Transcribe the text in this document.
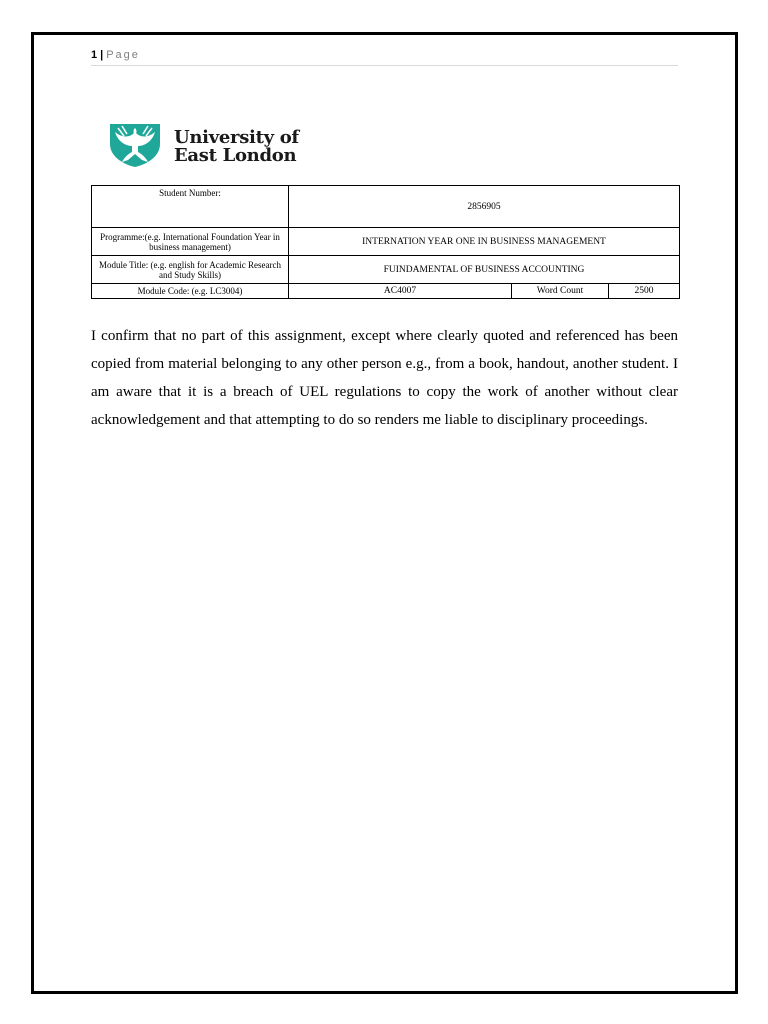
1 | Page
University of
East London
Student Number:	2856905		
Programme:(e.g. International Foundation Year in business management)	INTERNATION YEAR ONE IN BUSINESS MANAGEMENT		
Module Title: (e.g. english for Academic Research and Study Skills)	FUINDAMENTAL OF BUSINESS ACCOUNTING		
Module Code: (e.g. LC3004)	AC4007	Word Count	2500

I confirm that no part of this assignment, except where clearly quoted and referenced has been copied from material belonging to any other person e.g., from a book, handout, another student. I am aware that it is a breach of UEL regulations to copy the work of another without clear acknowledgement and that attempting to do so renders me liable to disciplinary proceedings.
